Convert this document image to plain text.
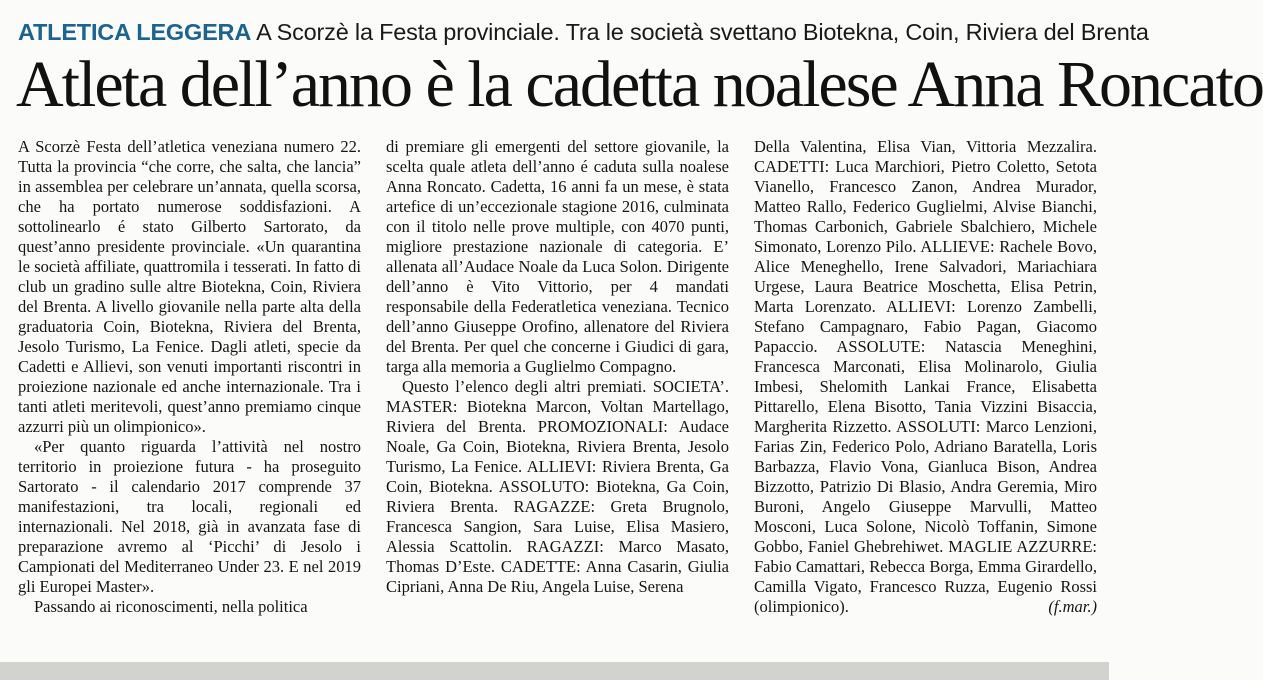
ATLETICA LEGGERA A Scorzè la Festa provinciale. Tra le società svettano Biotekna, Coin, Riviera del Brenta
Atleta dell’anno è la cadetta noalese Anna Roncato

A Scorzè Festa dell’atletica veneziana numero 22. Tutta la provincia “che corre, che salta, che lancia” in assemblea per celebrare un’annata, quella scorsa, che ha portato numerose soddisfazioni. A sottolinearlo é stato Gilberto Sartorato, da quest’anno presidente provinciale. «Un quarantina le società affiliate, quattromila i tesserati. In fatto di club un gradino sulle altre Biotekna, Coin, Riviera del Brenta. A livello giovanile nella parte alta della graduatoria Coin, Biotekna, Riviera del Brenta, Jesolo Turismo, La Fenice. Dagli atleti, specie da Cadetti e Allievi, son venuti importanti riscontri in proiezione nazionale ed anche internazionale. Tra i tanti atleti meritevoli, quest’anno premiamo cinque azzurri più un olimpionico».

«Per quanto riguarda l’attività nel nostro territorio in proiezione futura - ha proseguito Sartorato - il calendario 2017 comprende 37 manifestazioni, tra locali, regionali ed internazionali. Nel 2018, già in avanzata fase di preparazione avremo al ‘Picchi’ di Jesolo i Campionati del Mediterraneo Under 23. E nel 2019 gli Europei Master».

Passando ai riconoscimenti, nella politica

di premiare gli emergenti del settore giovanile, la scelta quale atleta dell’anno é caduta sulla noalese Anna Roncato. Cadetta, 16 anni fa un mese, è stata artefice di un’eccezionale stagione 2016, culminata con il titolo nelle prove multiple, con 4070 punti, migliore prestazione nazionale di categoria. E’ allenata all’Audace Noale da Luca Solon. Dirigente dell’anno è Vito Vittorio, per 4 mandati responsabile della Federatletica veneziana. Tecnico dell’anno Giuseppe Orofino, allenatore del Riviera del Brenta. Per quel che concerne i Giudici di gara, targa alla memoria a Guglielmo Compagno.

Questo l’elenco degli altri premiati. SOCIETA’. MASTER: Biotekna Marcon, Voltan Martellago, Riviera del Brenta. PROMOZIONALI: Audace Noale, Ga Coin, Biotekna, Riviera Brenta, Jesolo Turismo, La Fenice. ALLIEVI: Riviera Brenta, Ga Coin, Biotekna. ASSOLUTO: Biotekna, Ga Coin, Riviera Brenta. RAGAZZE: Greta Brugnolo, Francesca Sangion, Sara Luise, Elisa Masiero, Alessia Scattolin. RAGAZZI: Marco Masato, Thomas D’Este. CADETTE: Anna Casarin, Giulia Cipriani, Anna De Riu, Angela Luise, Serena

Della Valentina, Elisa Vian, Vittoria Mezzalira. CADETTI: Luca Marchiori, Pietro Coletto, Setota Vianello, Francesco Zanon, Andrea Murador, Matteo Rallo, Federico Guglielmi, Alvise Bianchi, Thomas Carbonich, Gabriele Sbalchiero, Michele Simonato, Lorenzo Pilo. ALLIEVE: Rachele Bovo, Alice Meneghello, Irene Salvadori, Mariachiara Urgese, Laura Beatrice Moschetta, Elisa Petrin, Marta Lorenzato. ALLIEVI: Lorenzo Zambelli, Stefano Campagnaro, Fabio Pagan, Giacomo Papaccio. ASSOLUTE: Natascia Meneghini, Francesca Marconati, Elisa Molinarolo, Giulia Imbesi, Shelomith Lankai France, Elisabetta Pittarello, Elena Bisotto, Tania Vizzini Bisaccia, Margherita Rizzetto. ASSOLUTI: Marco Lenzioni, Farias Zin, Federico Polo, Adriano Baratella, Loris Barbazza, Flavio Vona, Gianluca Bison, Andrea Bizzotto, Patrizio Di Blasio, Andra Geremia, Miro Buroni, Angelo Giuseppe Marvulli, Matteo Mosconi, Luca Solone, Nicolò Toffanin, Simone Gobbo, Faniel Ghebrehiwet. MAGLIE AZZURRE: Fabio Camattari, Rebecca Borga, Emma Girardello, Camilla Vigato, Francesco Ruzza, Eugenio Rossi (olimpionico).	(f.mar.)
